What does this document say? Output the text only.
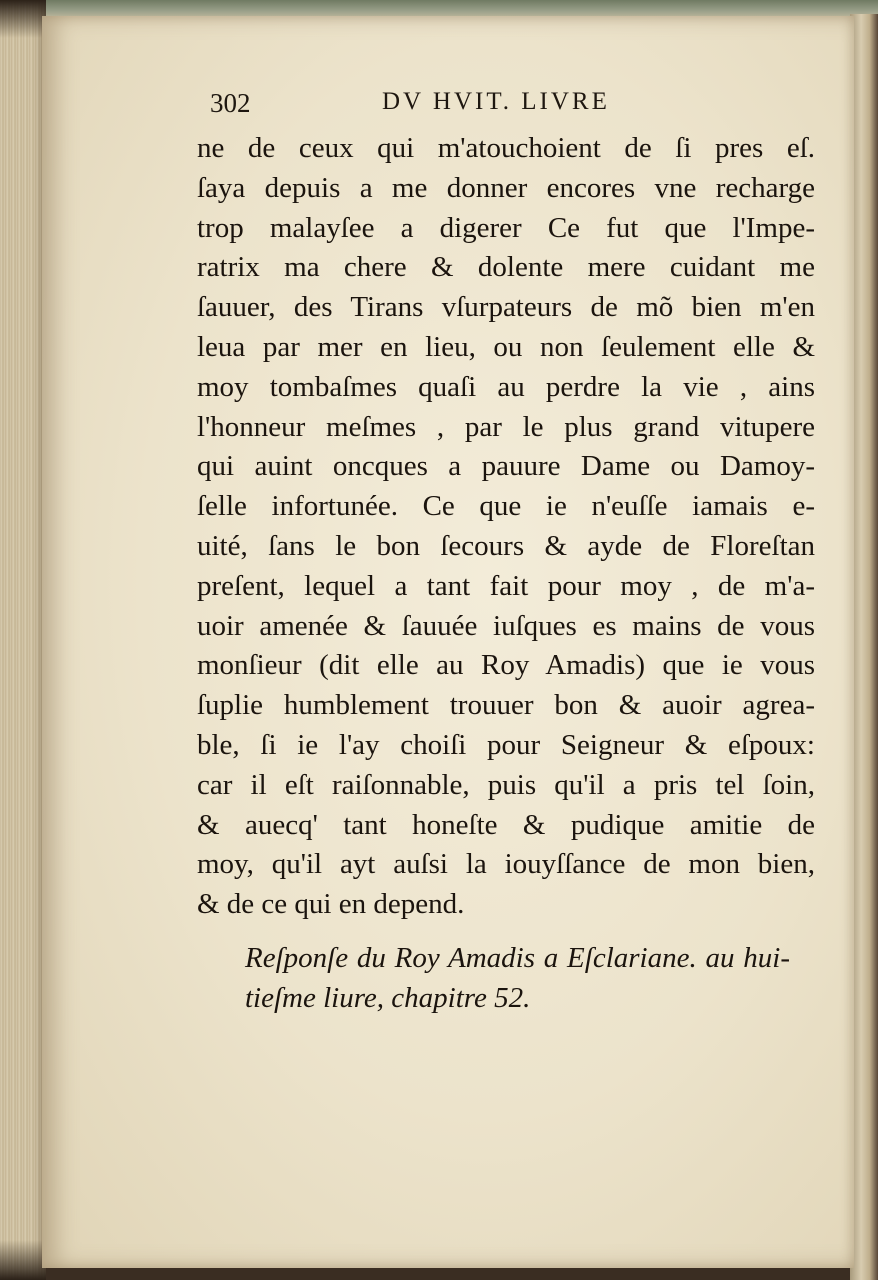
302	DV HVIT. LIVRE
ne de ceux qui m'atouchoient de ſi pres eſ.
ſaya depuis a me donner encores vne recharge
trop malayſee a digerer Ce fut que l'Impe-
ratrix ma chere & dolente mere cuidant me
ſauuer, des Tirans vſurpateurs de mõ bien m'en
leua par mer en lieu, ou non ſeulement elle &
moy tombaſmes quaſi au perdre la vie , ains
l'honneur meſmes , par le plus grand vitupere
qui auint oncques a pauure Dame ou Damoy-
ſelle infortunée. Ce que ie n'euſſe iamais e-
uité, ſans le bon ſecours & ayde de Floreſtan
preſent, lequel a tant fait pour moy , de m'a-
uoir amenée & ſauuée iuſques es mains de vous
monſieur (dit elle au Roy Amadis) que ie vous
ſuplie humblement trouuer bon & auoir agrea-
ble, ſi ie l'ay choiſi pour Seigneur & eſpoux:
car il eſt raiſonnable, puis qu'il a pris tel ſoin,
& auecq' tant honeſte & pudique amitie de
moy, qu'il ayt auſsi la iouyſſance de mon bien,
& de ce qui en depend.
Reſponſe du Roy Amadis a Eſclariane. au hui-
tieſme liure, chapitre 52.
